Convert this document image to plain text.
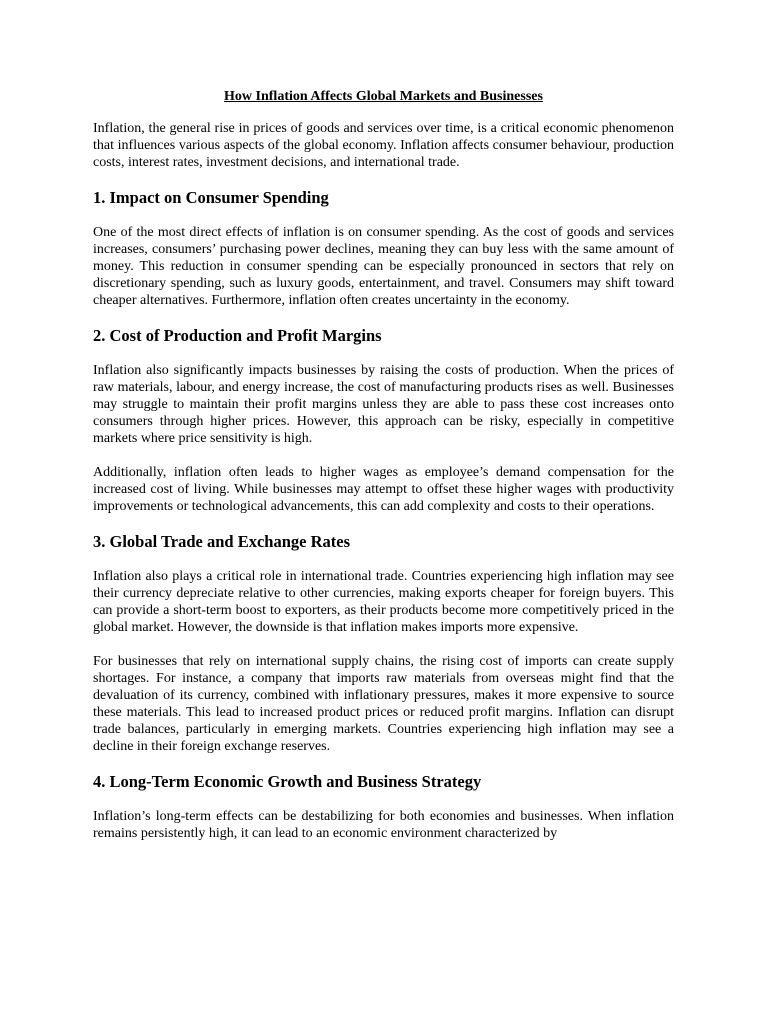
How Inflation Affects Global Markets and Businesses

Inflation, the general rise in prices of goods and services over time, is a critical economic phenomenon that influences various aspects of the global economy. Inflation affects consumer behaviour, production costs, interest rates, investment decisions, and international trade.

1. Impact on Consumer Spending

One of the most direct effects of inflation is on consumer spending. As the cost of goods and services increases, consumers’ purchasing power declines, meaning they can buy less with the same amount of money. This reduction in consumer spending can be especially pronounced in sectors that rely on discretionary spending, such as luxury goods, entertainment, and travel. Consumers may shift toward cheaper alternatives. Furthermore, inflation often creates uncertainty in the economy.

2. Cost of Production and Profit Margins

Inflation also significantly impacts businesses by raising the costs of production. When the prices of raw materials, labour, and energy increase, the cost of manufacturing products rises as well. Businesses may struggle to maintain their profit margins unless they are able to pass these cost increases onto consumers through higher prices. However, this approach can be risky, especially in competitive markets where price sensitivity is high.

Additionally, inflation often leads to higher wages as employee’s demand compensation for the increased cost of living. While businesses may attempt to offset these higher wages with productivity improvements or technological advancements, this can add complexity and costs to their operations.

3. Global Trade and Exchange Rates

Inflation also plays a critical role in international trade. Countries experiencing high inflation may see their currency depreciate relative to other currencies, making exports cheaper for foreign buyers. This can provide a short-term boost to exporters, as their products become more competitively priced in the global market. However, the downside is that inflation makes imports more expensive.

For businesses that rely on international supply chains, the rising cost of imports can create supply shortages. For instance, a company that imports raw materials from overseas might find that the devaluation of its currency, combined with inflationary pressures, makes it more expensive to source these materials. This lead to increased product prices or reduced profit margins. Inflation can disrupt trade balances, particularly in emerging markets. Countries experiencing high inflation may see a decline in their foreign exchange reserves.

4. Long-Term Economic Growth and Business Strategy

Inflation’s long-term effects can be destabilizing for both economies and businesses. When inflation remains persistently high, it can lead to an economic environment characterized by
